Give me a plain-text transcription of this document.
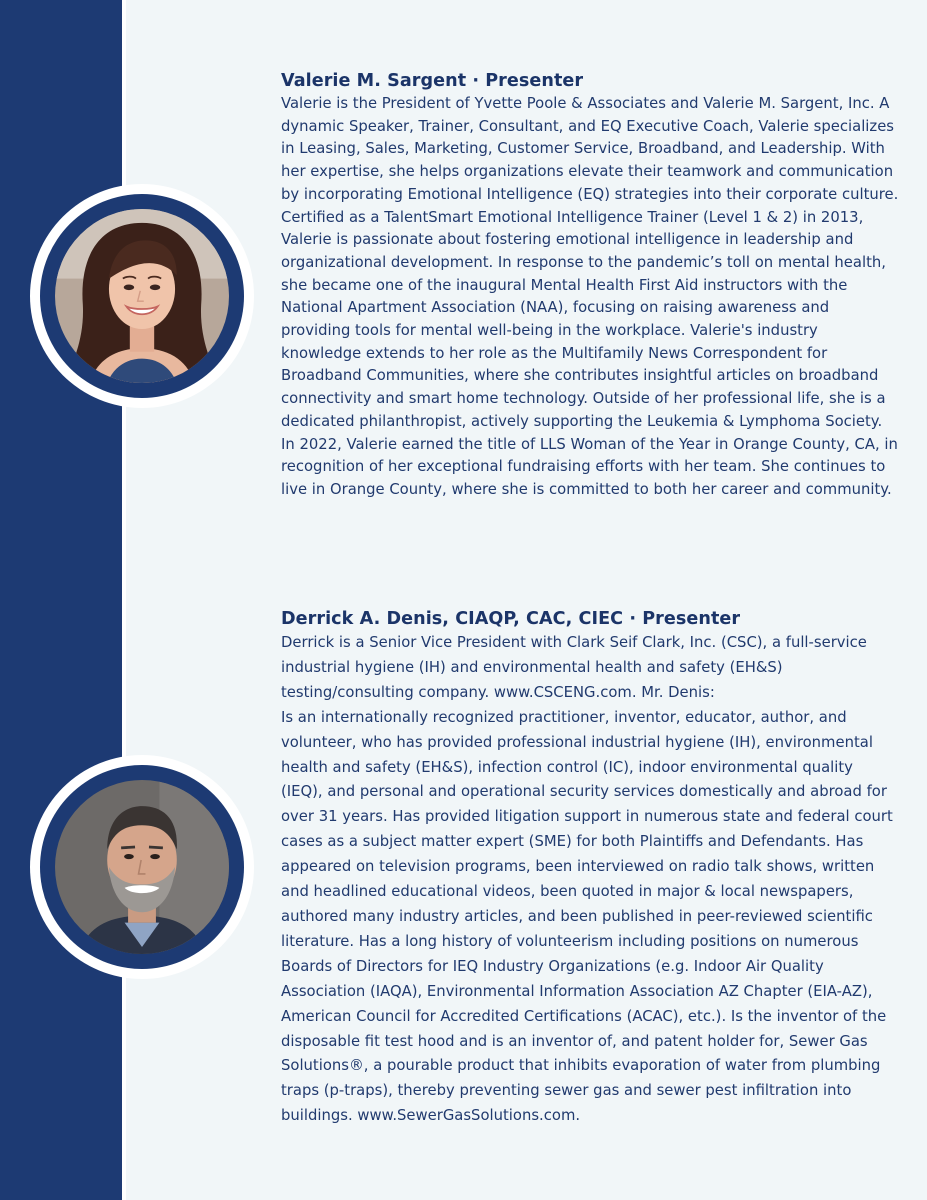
Valerie M. Sargent · Presenter

Valerie is the President of Yvette Poole & Associates and Valerie M. Sargent, Inc. A dynamic Speaker, Trainer, Consultant, and EQ Executive Coach, Valerie specializes in Leasing, Sales, Marketing, Customer Service, Broadband, and Leadership. With her expertise, she helps organizations elevate their teamwork and communication by incorporating Emotional Intelligence (EQ) strategies into their corporate culture. Certified as a TalentSmart Emotional Intelligence Trainer (Level 1 & 2) in 2013, Valerie is passionate about fostering emotional intelligence in leadership and organizational development. In response to the pandemic’s toll on mental health, she became one of the inaugural Mental Health First Aid instructors with the National Apartment Association (NAA), focusing on raising awareness and providing tools for mental well-being in the workplace. Valerie's industry knowledge extends to her role as the Multifamily News Correspondent for Broadband Communities, where she contributes insightful articles on broadband connectivity and smart home technology. Outside of her professional life, she is a dedicated philanthropist, actively supporting the Leukemia & Lymphoma Society. In 2022, Valerie earned the title of LLS Woman of the Year in Orange County, CA, in recognition of her exceptional fundraising efforts with her team. She continues to live in Orange County, where she is committed to both her career and community.

Derrick A. Denis, CIAQP, CAC, CIEC · Presenter

Derrick is a Senior Vice President with Clark Seif Clark, Inc. (CSC), a full-service industrial hygiene (IH) and environmental health and safety (EH&S) testing/consulting company. www.CSCENG.com. Mr. Denis:

Is an internationally recognized practitioner, inventor, educator, author, and volunteer, who has provided professional industrial hygiene (IH), environmental health and safety (EH&S), infection control (IC), indoor environmental quality (IEQ), and personal and operational security services domestically and abroad for over 31 years. Has provided litigation support in numerous state and federal court cases as a subject matter expert (SME) for both Plaintiffs and Defendants. Has appeared on television programs, been interviewed on radio talk shows, written and headlined educational videos, been quoted in major & local newspapers, authored many industry articles, and been published in peer-reviewed scientific literature. Has a long history of volunteerism including positions on numerous Boards of Directors for IEQ Industry Organizations (e.g. Indoor Air Quality Association (IAQA), Environmental Information Association AZ Chapter (EIA-AZ), American Council for Accredited Certifications (ACAC), etc.). Is the inventor of the disposable fit test hood and is an inventor of, and patent holder for, Sewer Gas Solutions®, a pourable product that inhibits evaporation of water from plumbing traps (p-traps), thereby preventing sewer gas and sewer pest infiltration into buildings. www.SewerGasSolutions.com.
